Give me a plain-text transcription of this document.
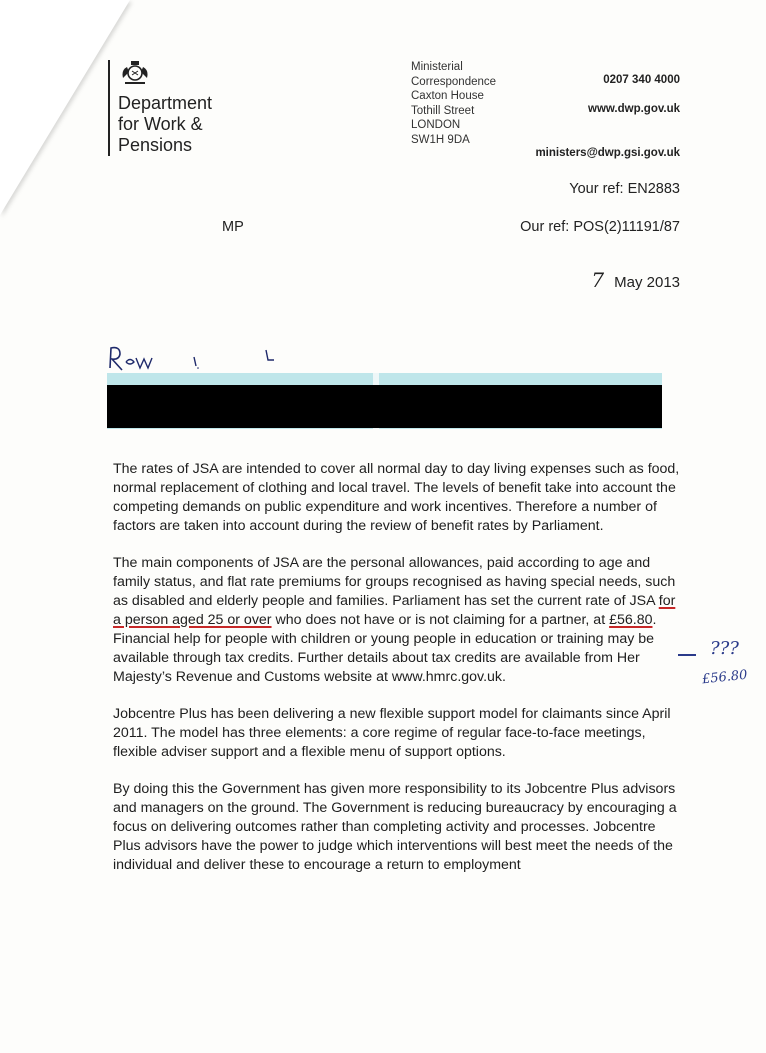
Department
for Work &
Pensions
Ministerial
Correspondence
Caxton House
Tothill Street
LONDON
SW1H 9DA
0207 340 4000
www.dwp.gov.uk
ministers@dwp.gsi.gov.uk
Your ref: EN2883
Our ref: POS(2)11191/87
MP
7 May 2013

The rates of JSA are intended to cover all normal day to day living expenses such as food, normal replacement of clothing and local travel. The levels of benefit take into account the competing demands on public expenditure and work incentives. Therefore a number of factors are taken into account during the review of benefit rates by Parliament.

The main components of JSA are the personal allowances, paid according to age and family status, and flat rate premiums for groups recognised as having special needs, such as disabled and elderly people and families. Parliament has set the current rate of JSA for a person aged 25 or over who does not have or is not claiming for a partner, at £56.80. Financial help for people with children or young people in education or training may be available through tax credits. Further details about tax credits are available from Her Majesty’s Revenue and Customs website at www.hmrc.gov.uk.

Jobcentre Plus has been delivering a new flexible support model for claimants since April 2011. The model has three elements: a core regime of regular face-to-face meetings, flexible adviser support and a flexible menu of support options.

By doing this the Government has given more responsibility to its Jobcentre Plus advisors and managers on the ground. The Government is reducing bureaucracy by encouraging a focus on delivering outcomes rather than completing activity and processes. Jobcentre Plus advisors have the power to judge which interventions will best meet the needs of the individual and deliver these to encourage a return to employment

???
£56.80
